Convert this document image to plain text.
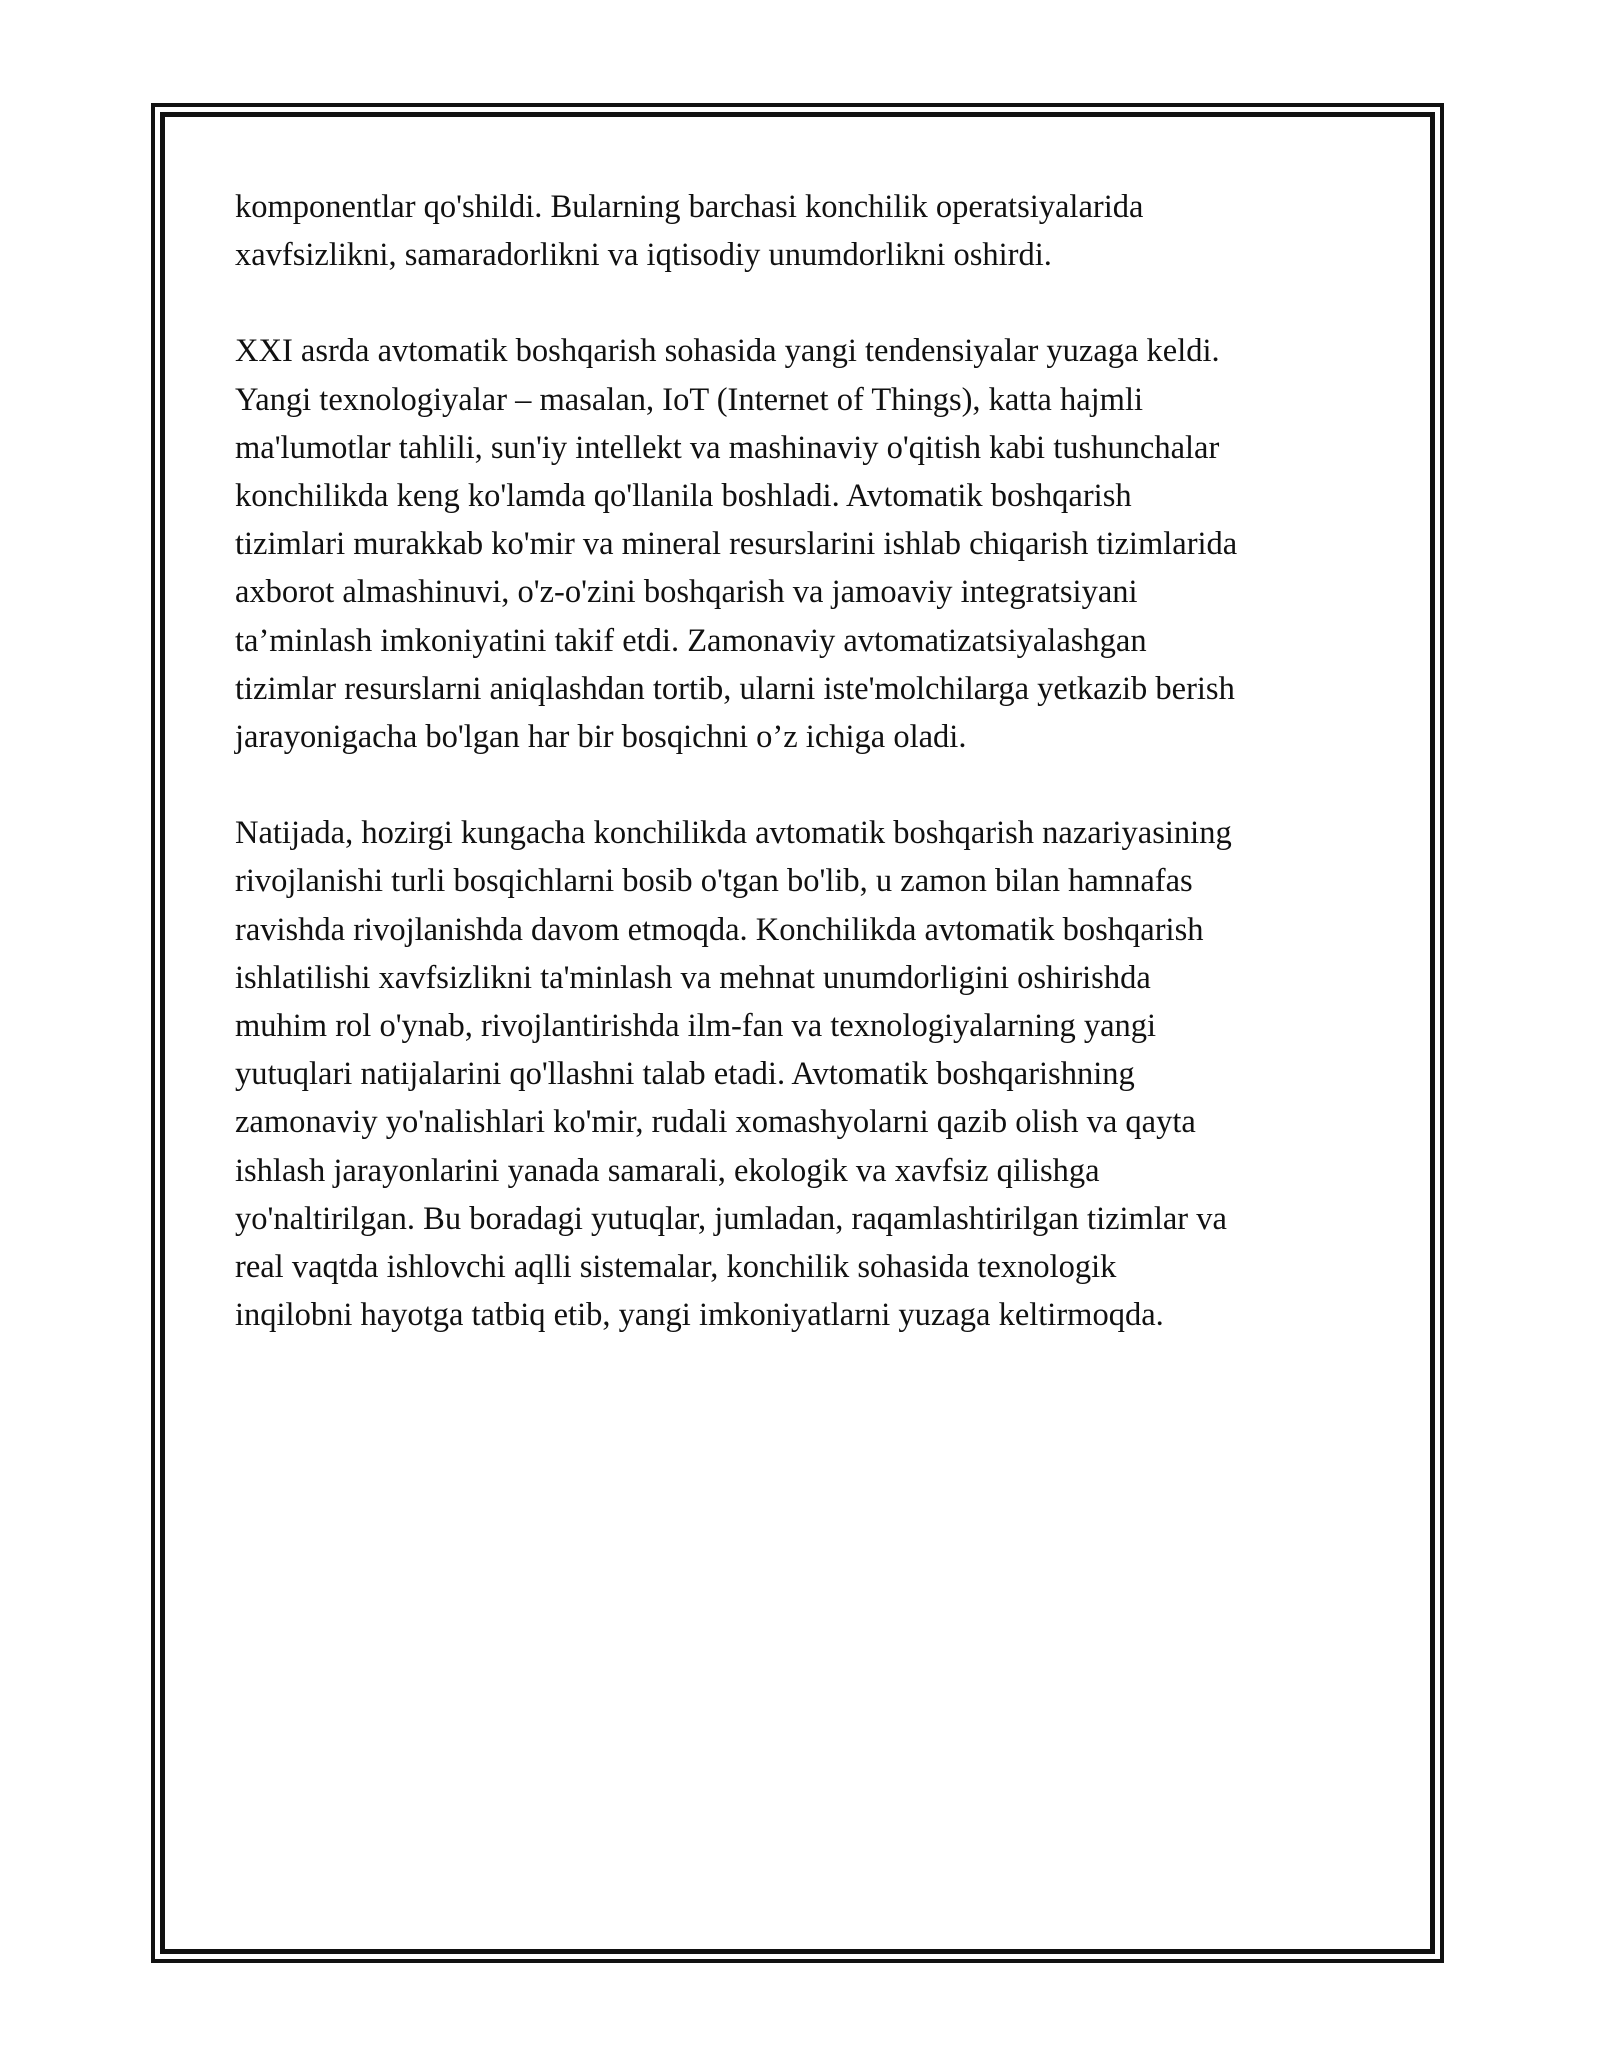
komponentlar qo'shildi. Bularning barchasi konchilik operatsiyalarida
xavfsizlikni, samaradorlikni va iqtisodiy unumdorlikni oshirdi.

XXI asrda avtomatik boshqarish sohasida yangi tendensiyalar yuzaga keldi.
Yangi texnologiyalar – masalan, IoT (Internet of Things), katta hajmli
ma'lumotlar tahlili, sun'iy intellekt va mashinaviy o'qitish kabi tushunchalar
konchilikda keng ko'lamda qo'llanila boshladi. Avtomatik boshqarish
tizimlari murakkab ko'mir va mineral resurslarini ishlab chiqarish tizimlarida
axborot almashinuvi, o'z-o'zini boshqarish va jamoaviy integratsiyani
ta’minlash imkoniyatini takif etdi. Zamonaviy avtomatizatsiyalashgan
tizimlar resurslarni aniqlashdan tortib, ularni iste'molchilarga yetkazib berish
jarayonigacha bo'lgan har bir bosqichni o’z ichiga oladi.

Natijada, hozirgi kungacha konchilikda avtomatik boshqarish nazariyasining
rivojlanishi turli bosqichlarni bosib o'tgan bo'lib, u zamon bilan hamnafas
ravishda rivojlanishda davom etmoqda. Konchilikda avtomatik boshqarish
ishlatilishi xavfsizlikni ta'minlash va mehnat unumdorligini oshirishda
muhim rol o'ynab, rivojlantirishda ilm-fan va texnologiyalarning yangi
yutuqlari natijalarini qo'llashni talab etadi. Avtomatik boshqarishning
zamonaviy yo'nalishlari ko'mir, rudali xomashyolarni qazib olish va qayta
ishlash jarayonlarini yanada samarali, ekologik va xavfsiz qilishga
yo'naltirilgan. Bu boradagi yutuqlar, jumladan, raqamlashtirilgan tizimlar va
real vaqtda ishlovchi aqlli sistemalar, konchilik sohasida texnologik
inqilobni hayotga tatbiq etib, yangi imkoniyatlarni yuzaga keltirmoqda.
